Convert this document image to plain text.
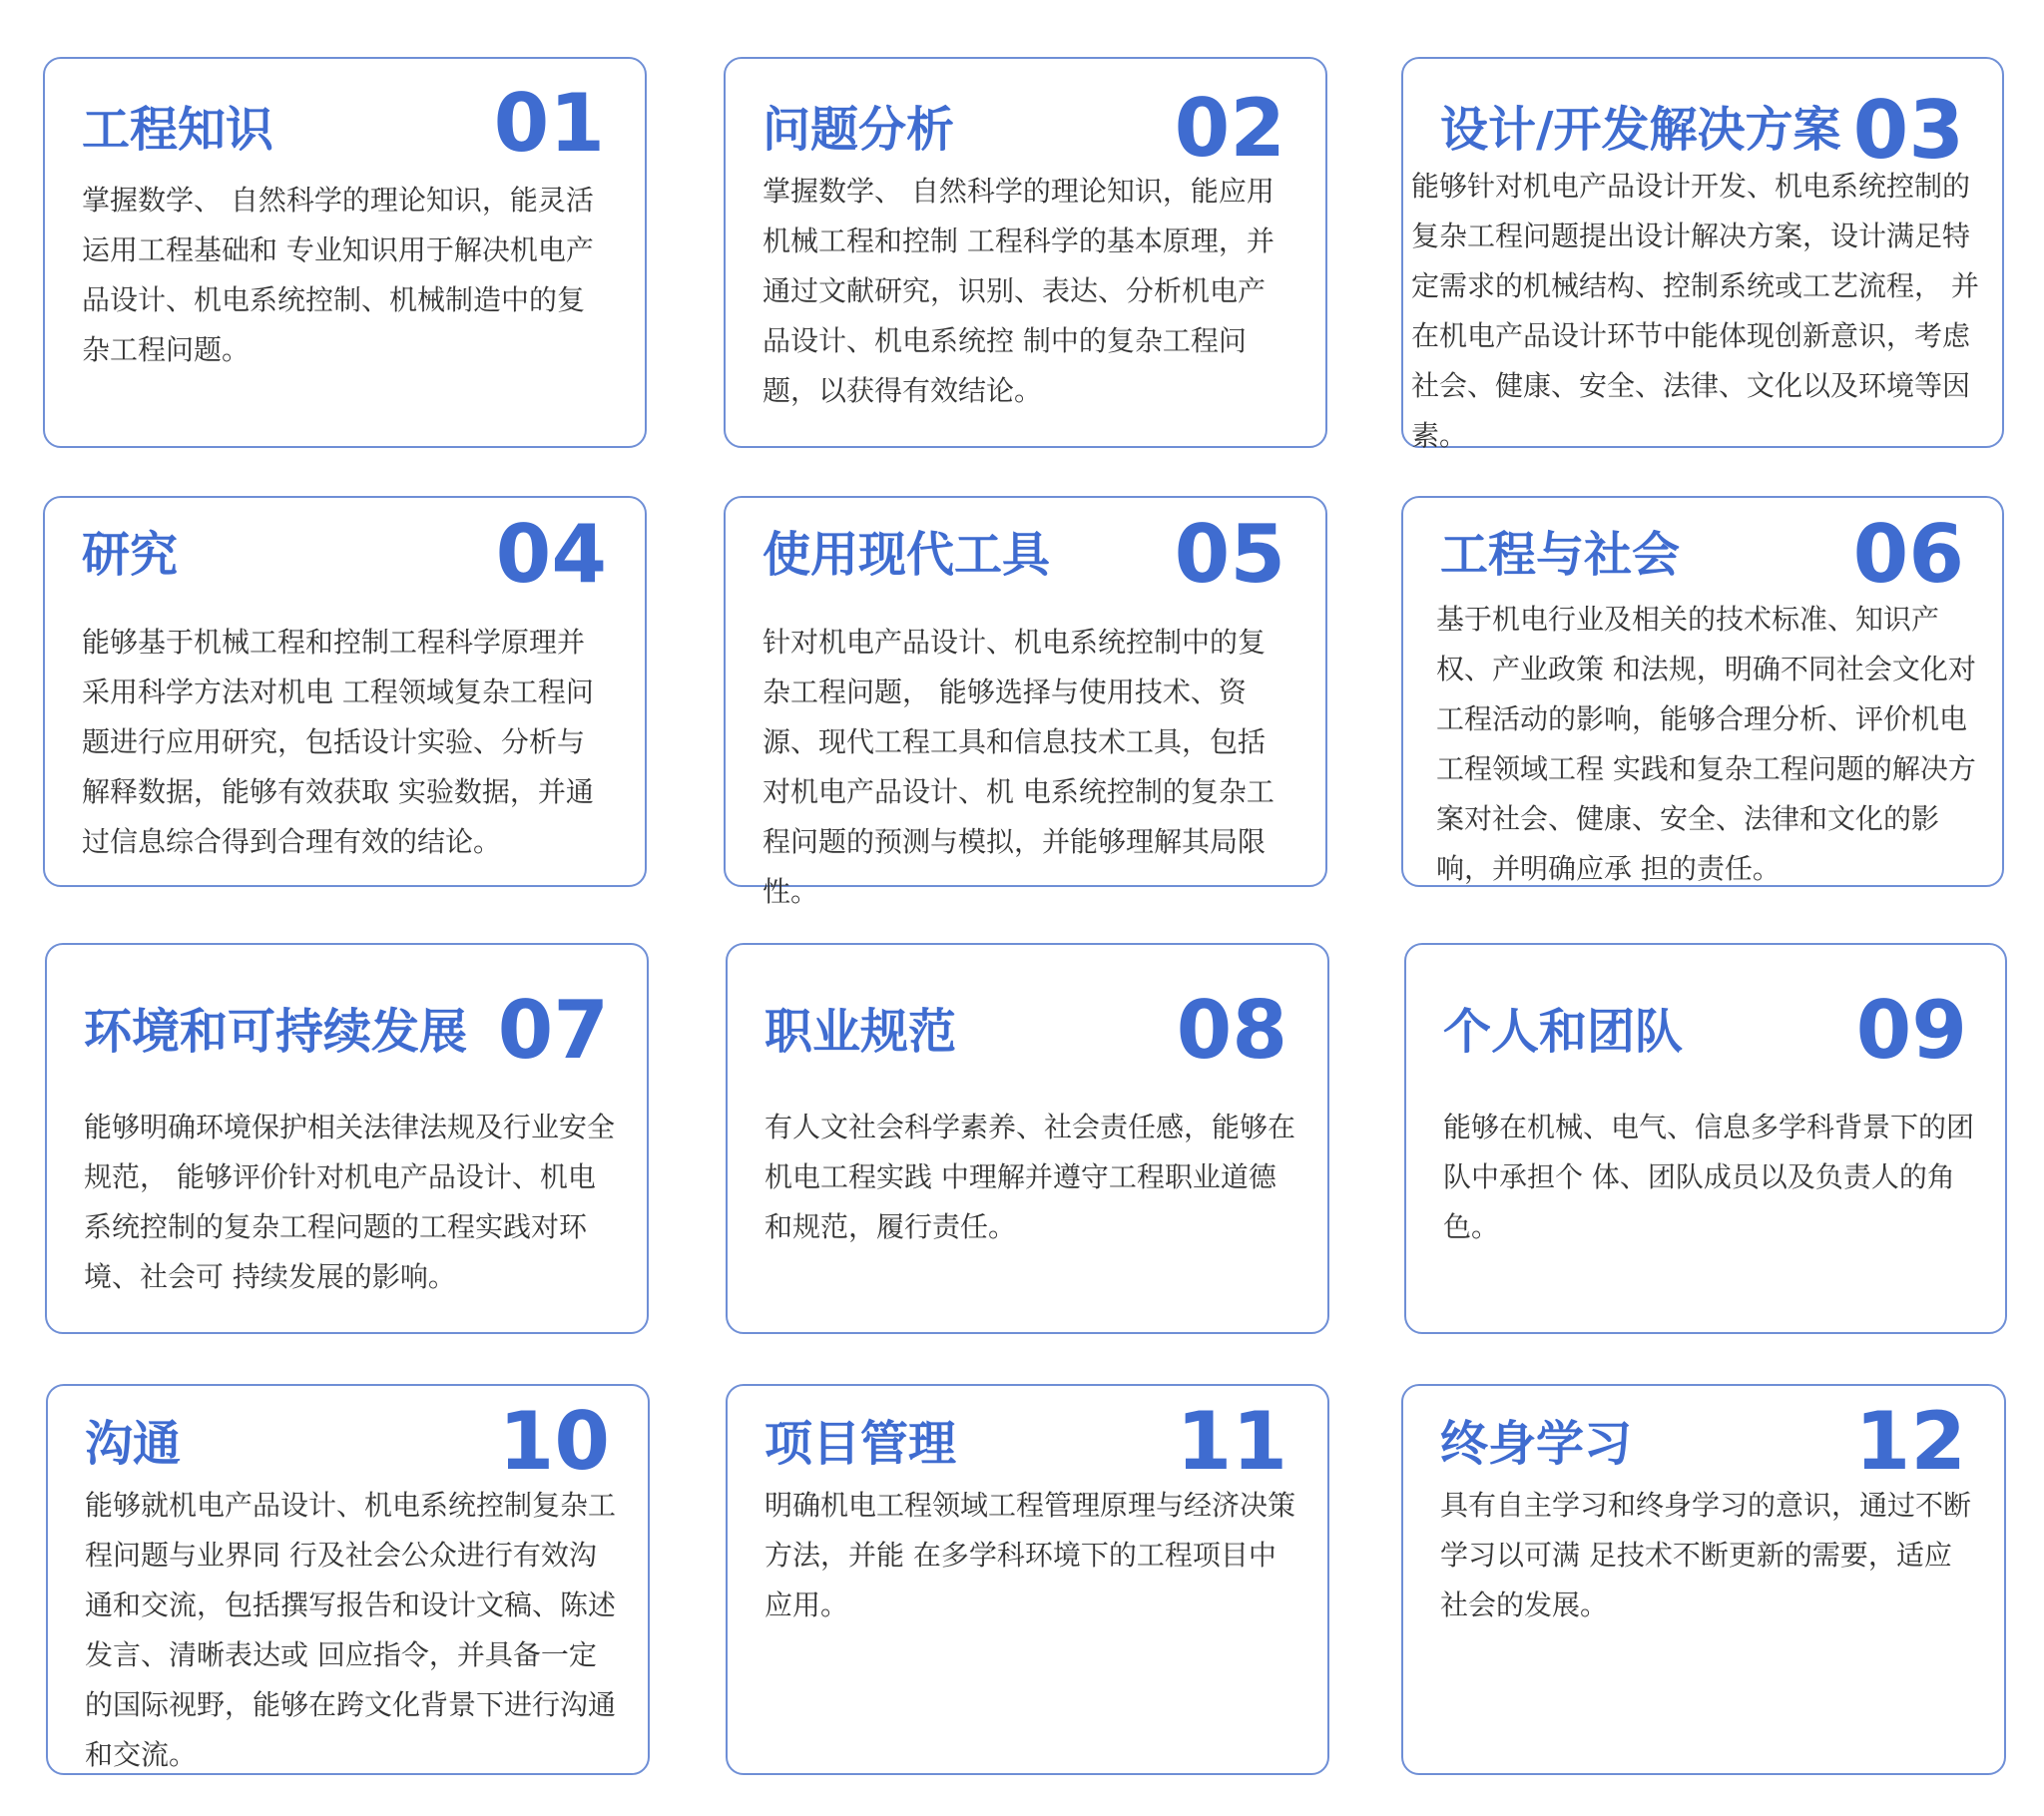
工程知识	01

掌握数学、 自然科学的理论知识，能灵活运用工程基础和 专业知识用于解决机电产品设计、机电系统控制、机械制造中的复杂工程问题。

问题分析	02

掌握数学、 自然科学的理论知识，能应用机械工程和控制 工程科学的基本原理，并通过文献研究，识别、表达、分析机电产品设计、机电系统控 制中的复杂工程问题，以获得有效结论。

设计/开发解决方案 03

能够针对机电产品设计开发、机电系统控制的复杂工程问题提出设计解决方案，设计满足特定需求的机械结构、控制系统或工艺流程， 并在机电产品设计环节中能体现创新意识，考虑社会、健康、安全、法律、文化以及环境等因素。

研究	04

能够基于机械工程和控制工程科学原理并采用科学方法对机电 工程领域复杂工程问题进行应用研究，包括设计实验、分析与解释数据，能够有效获取 实验数据，并通过信息综合得到合理有效的结论。

使用现代工具 05

针对机电产品设计、机电系统控制中的复杂工程问题， 能够选择与使用技术、资源、现代工程工具和信息技术工具，包括对机电产品设计、机 电系统控制的复杂工程问题的预测与模拟，并能够理解其局限性。

工程与社会 06

基于机电行业及相关的技术标准、知识产权、产业政策 和法规，明确不同社会文化对工程活动的影响，能够合理分析、评价机电工程领域工程 实践和复杂工程问题的解决方案对社会、健康、安全、法律和文化的影响，并明确应承 担的责任。

环境和可持续发展 07

能够明确环境保护相关法律法规及行业安全规范， 能够评价针对机电产品设计、机电系统控制的复杂工程问题的工程实践对环境、社会可 持续发展的影响。

职业规范	08

有人文社会科学素养、社会责任感，能够在机电工程实践 中理解并遵守工程职业道德和规范，履行责任。

个人和团队 09

能够在机械、电气、信息多学科背景下的团队中承担个 体、团队成员以及负责人的角色。

沟通	10

能够就机电产品设计、机电系统控制复杂工程问题与业界同 行及社会公众进行有效沟通和交流，包括撰写报告和设计文稿、陈述发言、清晰表达或 回应指令，并具备一定的国际视野，能够在跨文化背景下进行沟通和交流。

项目管理	11

明确机电工程领域工程管理原理与经济决策方法，并能 在多学科环境下的工程项目中应用。

终身学习	12

具有自主学习和终身学习的意识，通过不断学习以可满 足技术不断更新的需要，适应社会的发展。
